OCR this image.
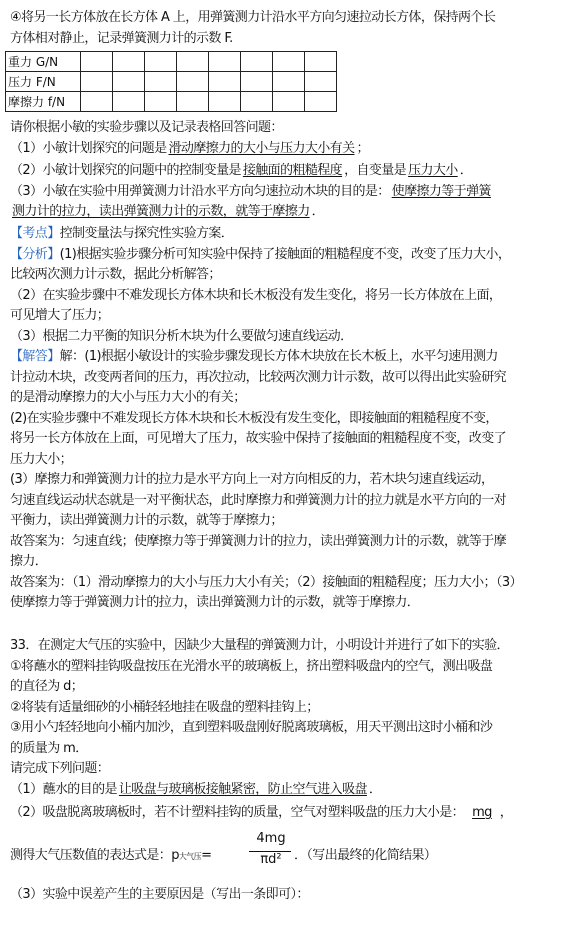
④将另一长方体放在长方体 A 上，用弹簧测力计沿水平方向匀速拉动长方体，保持两个长
方体相对静止，记录弹簧测力计的示数 F.
重力 G/N								
压力 F/N								
摩擦力 f/N								
请你根据小敏的实验步骤以及记录表格回答问题：
（1）小敏计划探究的问题是 滑动摩擦力的大小与压力大小有关 ；
（2）小敏计划探究的问题中的控制变量是 接触面的粗糙程度 ，自变量是 压力大小 ．
（3）小敏在实验中用弹簧测力计沿水平方向匀速拉动木块的目的是： 使摩擦力等于弹簧
测力计的拉力，读出弹簧测力计的示数，就等于摩擦力 ．
【考点】控制变量法与探究性实验方案．
【分析】(1)根据实验步骤分析可知实验中保持了接触面的粗糙程度不变，改变了压力大小，
比较两次测力计示数，据此分析解答；
（2）在实验步骤中不难发现长方体木块和长木板没有发生变化，将另一长方体放在上面，
可见增大了压力；
（3）根据二力平衡的知识分析木块为什么要做匀速直线运动．
【解答】解：(1)根据小敏设计的实验步骤发现长方体木块放在长木板上，水平匀速用测力
计拉动木块，改变两者间的压力，再次拉动，比较两次测力计示数，故可以得出此实验研究
的是滑动摩擦力的大小与压力大小的有关；
(2)在实验步骤中不难发现长方体木块和长木板没有发生变化，即接触面的粗糙程度不变，
将另一长方体放在上面，可见增大了压力，故实验中保持了接触面的粗糙程度不变，改变了
压力大小；
(3）摩擦力和弹簧测力计的拉力是水平方向上一对方向相反的力，若木块匀速直线运动，
匀速直线运动状态就是一对平衡状态，此时摩擦力和弹簧测力计的拉力就是水平方向的一对
平衡力，读出弹簧测力计的示数，就等于摩擦力；
故答案为：匀速直线；使摩擦力等于弹簧测力计的拉力，读出弹簧测力计的示数，就等于摩
擦力．
故答案为：（1）滑动摩擦力的大小与压力大小有关；（2）接触面的粗糙程度；压力大小；（3）
使摩擦力等于弹簧测力计的拉力，读出弹簧测力计的示数，就等于摩擦力．
33．在测定大气压的实验中，因缺少大量程的弹簧测力计，小明设计并进行了如下的实验．
①将蘸水的塑料挂钩吸盘按压在光滑水平的玻璃板上，挤出塑料吸盘内的空气，测出吸盘
的直径为 d；
②将装有适量细砂的小桶轻轻地挂在吸盘的塑料挂钩上；
③用小勺轻轻地向小桶内加沙，直到塑料吸盘刚好脱离玻璃板，用天平测出这时小桶和沙
的质量为 m．
请完成下列问题：
（1）蘸水的目的是 让吸盘与玻璃板接触紧密，防止空气进入吸盘 ．
（2）吸盘脱离玻璃板时，若不计塑料挂钩的质量，空气对塑料吸盘的压力大小是： mg ，
测得大气压数值的表达式是：p大气压=
4mg
πd² ．（写出最终的化简结果）
（3）实验中误差产生的主要原因是（写出一条即可）：
